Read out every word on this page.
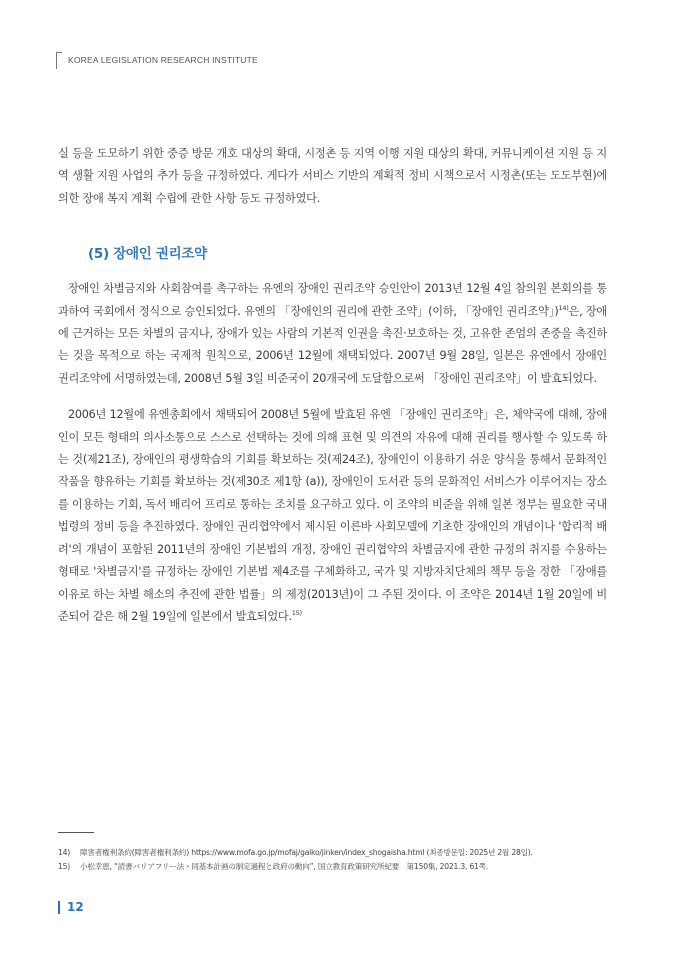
KOREA LEGISLATION RESEARCH INSTITUTE

실 등을 도모하기 위한 중증 방문 개호 대상의 확대, 시정촌 등 지역 이행 지원 대상의 확대, 커뮤니케이션 지원 등 지역 생활 지원 사업의 추가 등을 규정하였다. 게다가 서비스 기반의 계획적 정비 시책으로서 시정촌(또는 도도부현)에 의한 장애 복지 계획 수립에 관한 사항 등도 규정하였다.

(5) 장애인 권리조약

장애인 차별금지와 사회참여를 촉구하는 유엔의 장애인 권리조약 승인안이 2013년 12월 4일 참의원 본회의를 통과하여 국회에서 정식으로 승인되었다. 유엔의 「장애인의 권리에 관한 조약」(이하, 「장애인 권리조약」)$^{14)}$은, 장애에 근거하는 모든 차별의 금지나, 장애가 있는 사람의 기본적 인권을 촉진·보호하는 것, 고유한 존엄의 존중을 촉진하는 것을 목적으로 하는 국제적 원칙으로, 2006년 12월에 채택되었다. 2007년 9월 28일, 일본은 유엔에서 장애인 권리조약에 서명하였는데, 2008년 5월 3일 비준국이 20개국에 도달함으로써 「장애인 권리조약」이 발효되었다.

2006년 12월에 유엔총회에서 채택되어 2008년 5월에 발효된 유엔 「장애인 권리조약」은, 체약국에 대해, 장애인이 모든 형태의 의사소통으로 스스로 선택하는 것에 의해 표현 및 의견의 자유에 대해 권리를 행사할 수 있도록 하는 것(제21조), 장애인의 평생학습의 기회를 확보하는 것(제24조), 장애인이 이용하기 쉬운 양식을 통해서 문화적인 작품을 향유하는 기회를 확보하는 것(제30조 제1항 (a)), 장애인이 도서관 등의 문화적인 서비스가 이루어지는 장소를 이용하는 기회, 독서 배리어 프리로 통하는 조치를 요구하고 있다. 이 조약의 비준을 위해 일본 정부는 필요한 국내 법령의 정비 등을 추진하였다. 장애인 권리협약에서 제시된 이른바 사회모델에 기초한 장애인의 개념이나 '합리적 배려'의 개념이 포함된 2011년의 장애인 기본법의 개정, 장애인 권리협약의 차별금지에 관한 규정의 취지를 수용하는 형태로 '차별금지'를 규정하는 장애인 기본법 제4조를 구체화하고, 국가 및 지방자치단체의 책무 등을 정한 「장애를 이유로 하는 차별 해소의 추진에 관한 법률」의 제정(2013년)이 그 주된 것이다. 이 조약은 2014년 1월 20일에 비준되어 같은 해 2월 19일에 일본에서 발효되었다.$^{15)}$

14)	障害者権利条約(障害者権利条約) https://www.mofa.go.jp/mofaj/gaiko/jinken/index_shogaisha.html (최종방문일: 2025년 2월 28일).
15)	小松幸恵, “読書バリアフリー法・同基本計画の制定過程と政府の動向”, 国立教育政策研究所紀要　第150集, 2021.3, 61쪽.
12
